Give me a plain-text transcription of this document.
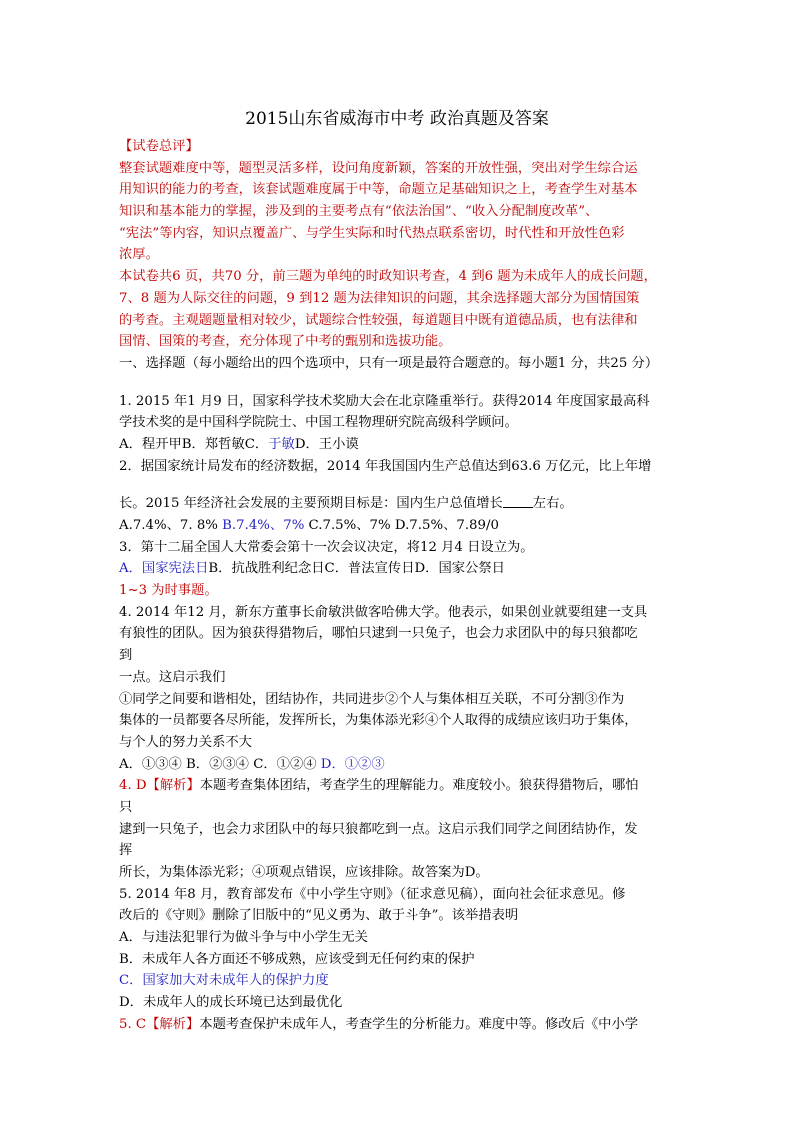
2015山东省威海市中考 政治真题及答案
【试卷总评】
整套试题难度中等，题型灵活多样，设问角度新颖，答案的开放性强，突出对学生综合运
用知识的能力的考查，该套试题难度属于中等，命题立足基础知识之上，考查学生对基本
知识和基本能力的掌握，涉及到的主要考点有“依法治国”、“收入分配制度改革”、
“宪法”等内容，知识点覆盖广、与学生实际和时代热点联系密切，时代性和开放性色彩
浓厚。
本试卷共6 页，共70 分，前三题为单纯的时政知识考查，4 到6 题为未成年人的成长问题，
7、8 题为人际交往的问题，9 到12 题为法律知识的问题，其余选择题大部分为国情国策
的考查。主观题题量相对较少，试题综合性较强，每道题目中既有道德品质，也有法律和
国情、国策的考查，充分体现了中考的甄别和选拔功能。
一、选择题（每小题给出的四个选项中，只有一项是最符合题意的。每小题1 分，共25 分）
1. 2015 年1 月9 日，国家科学技术奖励大会在北京隆重举行。获得2014 年度国家最高科
学技术奖的是中国科学院院士、中国工程物理研究院高级科学顾问。
A．程开甲B．郑哲敏C．于敏D．王小谟
2．据国家统计局发布的经济数据，2014 年我国国内生产总值达到63.6 万亿元，比上年增
长。2015 年经济社会发展的主要预期目标是：国内生户总值增长 左右。
A.7.4%、7. 8% B.7.4%、7% C.7.5%、7% D.7.5%、7.89/0
3．第十二届全国人大常委会第十一次会议决定，将12 月4 日设立为。
A．国家宪法日B．抗战胜利纪念日C．普法宣传日D．国家公祭日
1~3 为时事题。
4. 2014 年12 月，新东方董事长俞敏洪做客哈佛大学。他表示，如果创业就要组建一支具
有狼性的团队。因为狼获得猎物后，哪怕只逮到一只兔子，也会力求团队中的每只狼都吃
到
一点。这启示我们
①同学之间要和谐相处，团结协作，共同进步②个人与集体相互关联，不可分割③作为
集体的一员都要各尽所能，发挥所长，为集体添光彩④个人取得的成绩应该归功于集体，
与个人的努力关系不大
A．①③④ B．②③④ C．①②④ D．①②③
4. D【解析】本题考查集体团结，考查学生的理解能力。难度较小。狼获得猎物后，哪怕
只
逮到一只兔子，也会力求团队中的每只狼都吃到一点。这启示我们同学之间团结协作，发
挥
所长，为集体添光彩；④项观点错误，应该排除。故答案为D。
5. 2014 年8 月，教育部发布《中小学生守则》（征求意见稿），面向社会征求意见。修
改后的《守则》删除了旧版中的“见义勇为、敢于斗争”。该举措表明
A．与违法犯罪行为做斗争与中小学生无关
B．未成年人各方面还不够成熟，应该受到无任何约束的保护
C．国家加大对未成年人的保护力度
D．未成年人的成长环境已达到最优化
5. C【解析】本题考查保护未成年人，考查学生的分析能力。难度中等。修改后《中小学
